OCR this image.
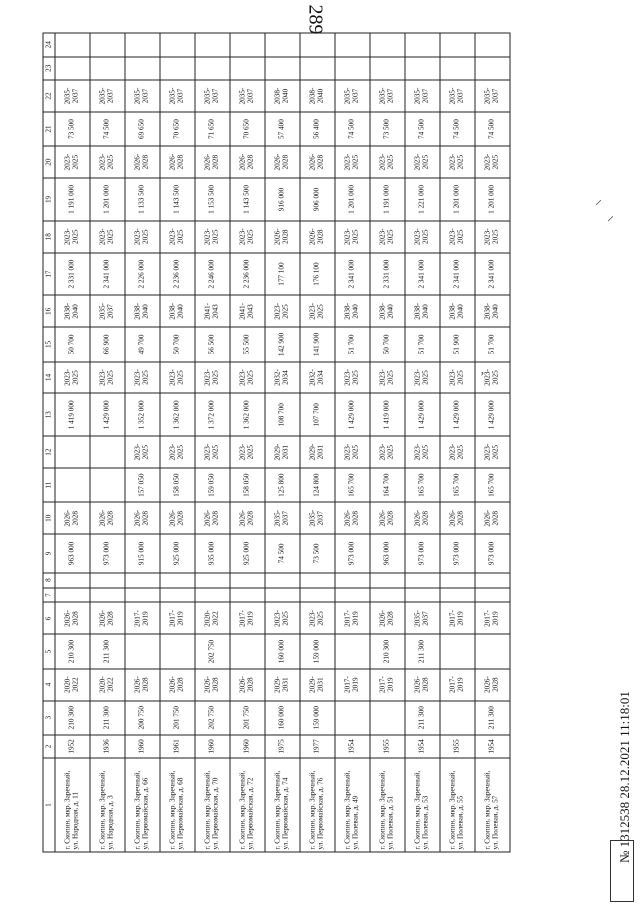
289
1	2	3	4	5	6	7	8	9	10	11	12	13	14	15	16	17	18	19	20	21	22	23	24
г. Скопин, мкр. Заречный, ул. Народная, д. 11	1952	210 300	2020-2022	210 300	2026-2028			963 000	2026-2028			1 419 000	2023-2025	50 700	2038-2040	2 331 000	2023-2025	1 191 000	2023-2025	73 500	2035-2037		
г. Скопин, мкр. Заречный, ул. Народная, д. 3	1936	211 300	2020-2022	211 300	2026-2028			973 000	2026-2028			1 429 000	2023-2025	66 900	2035-2037	2 341 000	2023-2025	1 201 000	2023-2025	74 500	2035-2037		
г. Скопин, мкр. Заречный, ул. Первомайская, д. 66	1960	200 750	2026-2028		2017-2019			915 000	2026-2028	157 050	2023-2025	1 352 000	2023-2025	49 700	2038-2040	2 226 000	2023-2025	1 133 500	2026-2028	69 650	2035-2037		
г. Скопин, мкр. Заречный, ул. Первомайская, д. 68	1961	201 750	2026-2028		2017-2019			925 000	2026-2028	158 050	2023-2025	1 362 000	2023-2025	50 700	2038-2040	2 236 000	2023-2025	1 143 500	2026-2028	70 650	2035-2037		
г. Скопин, мкр. Заречный, ул. Первомайская, д. 70	1960	202 750	2026-2028	202 750	2020-2022			935 000	2026-2028	159 050	2023-2025	1 372 000	2023-2025	56 500	2041-2043	2 246 000	2023-2025	1 153 500	2026-2028	71 650	2035-2037		
г. Скопин, мкр. Заречный, ул. Первомайская, д. 72	1960	201 750	2026-2028		2017-2019			925 000	2026-2028	158 050	2023-2025	1 362 000	2023-2025	55 500	2041-2043	2 236 000	2023-2025	1 143 500	2026-2028	70 650	2035-2037		
г. Скопин, мкр. Заречный, ул. Первомайская, д. 74	1975	160 000	2029-2031	160 000	2023-2025			74 500	2035-2037	125 800	2029-2031	108 700	2032-2034	142 900	2023-2025	177 100	2026-2028	916 000	2026-2028	57 400	2038-2040		
г. Скопин, мкр. Заречный, ул. Первомайская, д. 76	1977	159 000	2029-2031	159 000	2023-2025			73 500	2035-2037	124 800	2029-2031	107 700	2032-2034	141 900	2023-2025	176 100	2026-2028	906 000	2026-2028	56 400	2038-2040		
г. Скопин, мкр. Заречный, ул. Полевая, д. 49	1954		2017-2019		2017-2019			973 000	2026-2028	165 700	2023-2025	1 429 000	2023-2025	51 700	2038-2040	2 341 000	2023-2025	1 201 000	2023-2025	74 500	2035-2037		
г. Скопин, мкр. Заречный, ул. Полевая, д. 51	1955		2017-2019	210 300	2026-2028			963 000	2026-2028	164 700	2023-2025	1 419 000	2023-2025	50 700	2038-2040	2 331 000	2023-2025	1 191 000	2023-2025	73 500	2035-2037		
г. Скопин, мкр. Заречный, ул. Полевая, д. 53	1954	211 300	2026-2028	211 300	2035-2037			973 000	2026-2028	165 700	2023-2025	1 429 000	2023-2025	51 700	2038-2040	2 341 000	2023-2025	1 221 000	2023-2025	74 500	2035-2037		
г. Скопин, мкр. Заречный, ул. Полевая, д. 55	1955		2017-2019		2017-2019			973 000	2026-2028	165 700	2023-2025	1 429 000	2023-2025	51 900	2038-2040	2 341 000	2023-2025	1 201 000	2023-2025	74 500	2035-2037		
г. Скопин, мкр. Заречный, ул. Полевая, д. 57	1954	211 300	2026-2028		2017-2019			973 000	2026-2028	165 700	2023-2025	1 429 000	2023-2025	51 700	2038-2040	2 341 000	2023-2025	1 201 000	2023-2025	74 500	2035-2037		
№ 1312538 28.12.2021 11:18:01
⸝
⸍
ʼ
